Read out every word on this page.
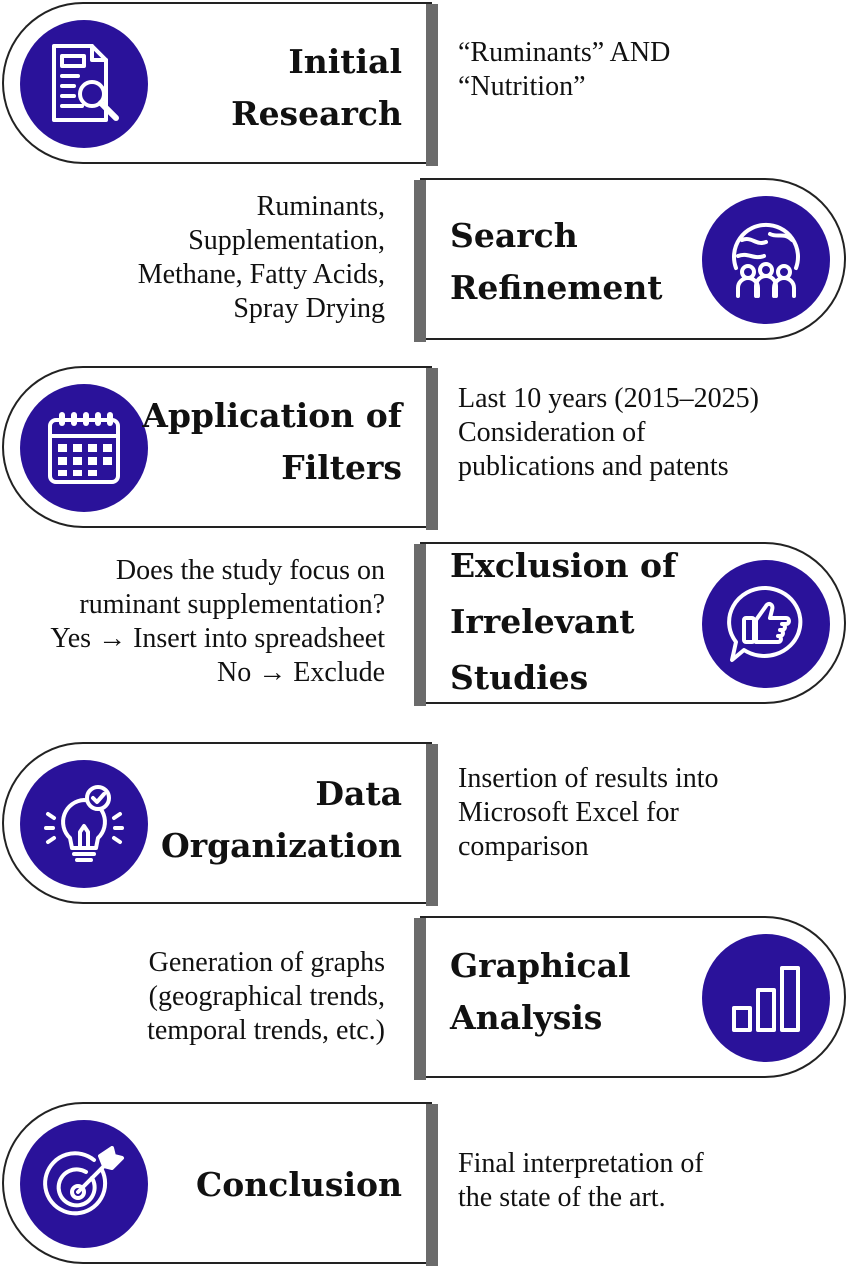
Initial
Research
“Ruminants” AND
“Nutrition”
Ruminants,
Supplementation,
Methane, Fatty Acids,
Spray Drying
Search
Refinement
Application of
Filters
Last 10 years (2015–2025)
Consideration of
publications and patents
Does the study focus on
ruminant supplementation?
Yes → Insert into spreadsheet
No → Exclude
Exclusion of
Irrelevant
Studies
Data
Organization
Insertion of results into
Microsoft Excel for
comparison
Generation of graphs
(geographical trends,
temporal trends, etc.)
Graphical
Analysis
Conclusion
Final interpretation of
the state of the art.
